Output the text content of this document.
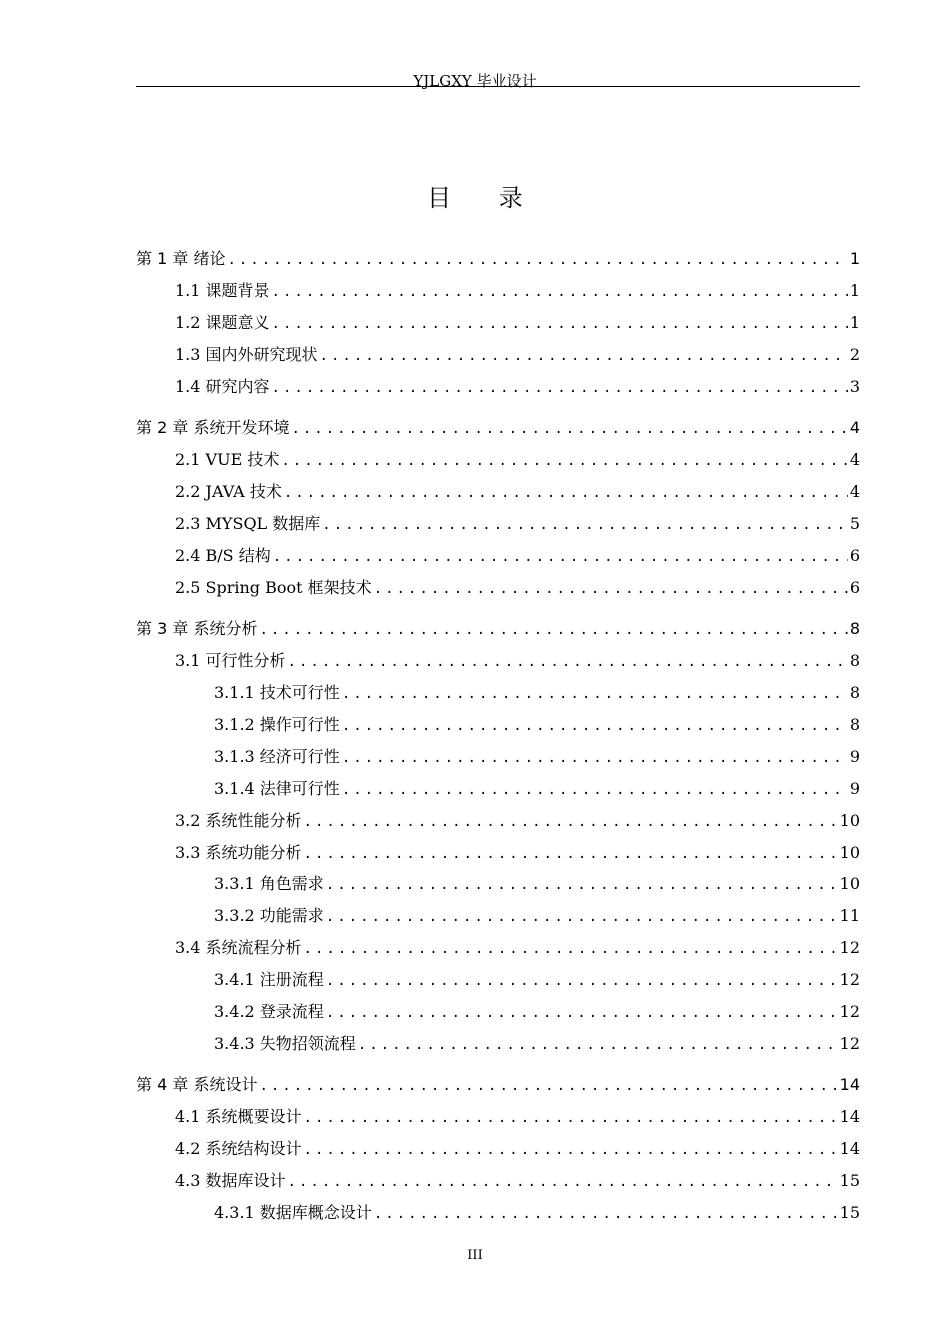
YJLGXY 毕业设计
目 录
第 1 章 绪论 .....	1
1.1 课题背景 .....	1
1.2 课题意义 .....	1
1.3 国内外研究现状 .....	2
1.4 研究内容 .....	3
第 2 章 系统开发环境 .....	4
2.1 VUE 技术 .....	4
2.2 JAVA 技术 .....	4
2.3 MYSQL 数据库 .....	5
2.4 B/S 结构 .....	6
2.5 Spring Boot 框架技术 .....	6
第 3 章 系统分析 .....	8
3.1 可行性分析 .....	8
3.1.1 技术可行性 .....	8
3.1.2 操作可行性 .....	8
3.1.3 经济可行性 .....	9
3.1.4 法律可行性 .....	9
3.2 系统性能分析 .....	10
3.3 系统功能分析 .....	10
3.3.1 角色需求 .....	10
3.3.2 功能需求 .....	11
3.4 系统流程分析 .....	12
3.4.1 注册流程 .....	12
3.4.2 登录流程 .....	12
3.4.3 失物招领流程 .....	12
第 4 章 系统设计 .....	14
4.1 系统概要设计 .....	14
4.2 系统结构设计 .....	14
4.3 数据库设计 .....	15
4.3.1 数据库概念设计 .....	15
III
